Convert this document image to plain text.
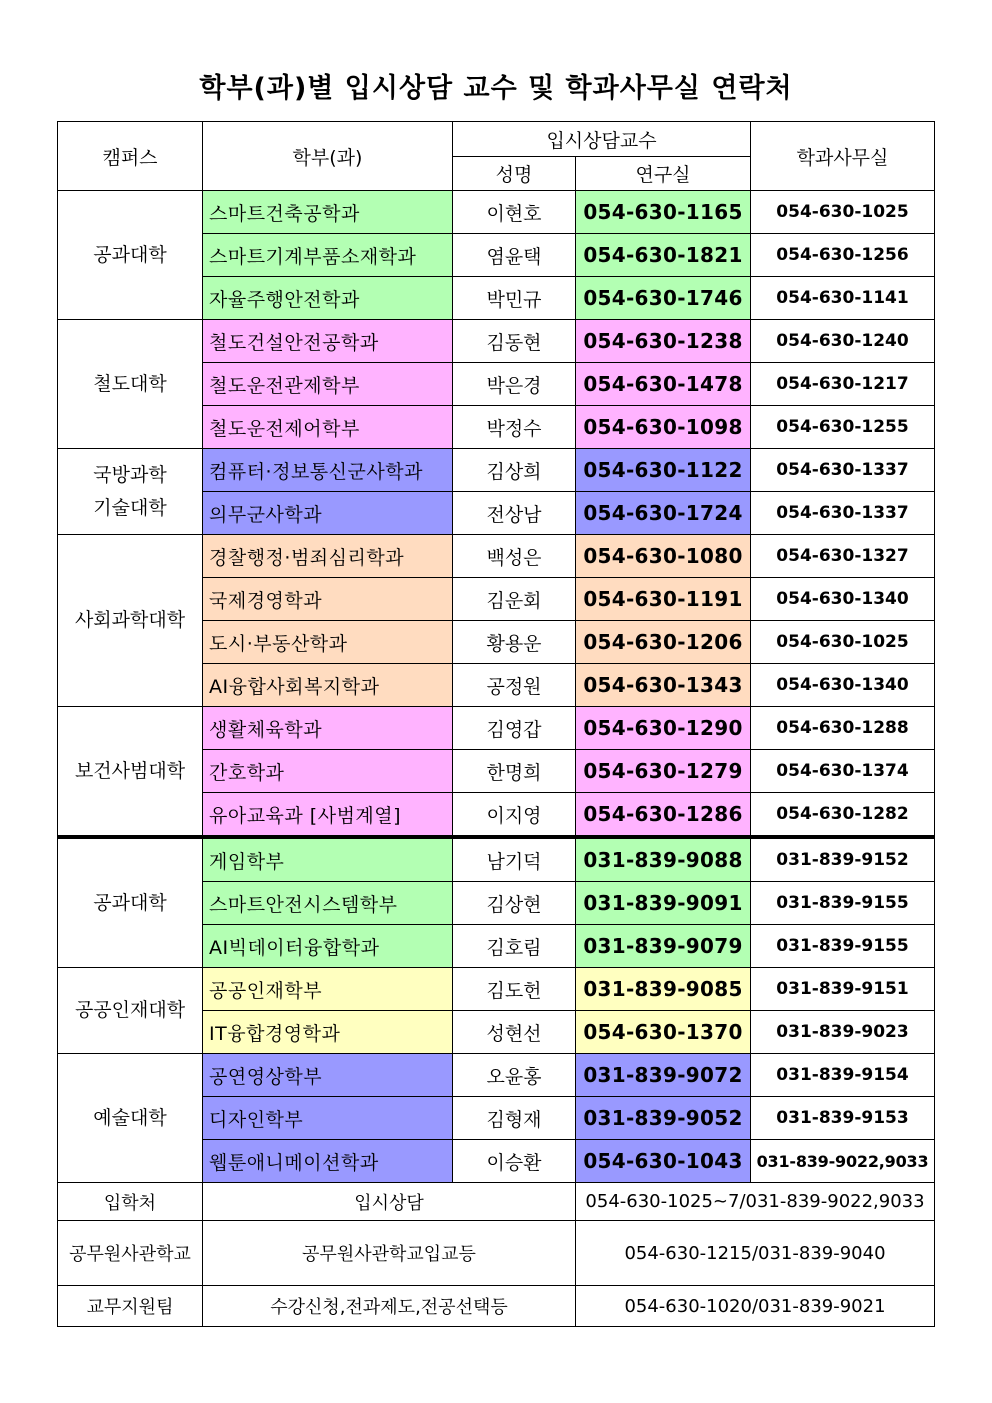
학부(과)별 입시상담 교수 및 학과사무실 연락처
캠퍼스	학부(과)	입시상담교수		학과사무실
		성명	연구실	
공과대학	스마트건축공학과	이현호	054-630-1165	054-630-1025
	스마트기계부품소재학과	염윤택	054-630-1821	054-630-1256
	자율주행안전학과	박민규	054-630-1746	054-630-1141
철도대학	철도건설안전공학과	김동현	054-630-1238	054-630-1240
	철도운전관제학부	박은경	054-630-1478	054-630-1217
	철도운전제어학부	박정수	054-630-1098	054-630-1255
국방과학
기술대학	컴퓨터·정보통신군사학과	김상희	054-630-1122	054-630-1337
	의무군사학과	전상남	054-630-1724	054-630-1337
사회과학대학	경찰행정·범죄심리학과	백성은	054-630-1080	054-630-1327
	국제경영학과	김운회	054-630-1191	054-630-1340
	도시·부동산학과	황용운	054-630-1206	054-630-1025
	AI융합사회복지학과	공정원	054-630-1343	054-630-1340
보건사범대학	생활체육학과	김영갑	054-630-1290	054-630-1288
	간호학과	한명희	054-630-1279	054-630-1374
	유아교육과 [사범계열]	이지영	054-630-1286	054-630-1282
공과대학	게임학부	남기덕	031-839-9088	031-839-9152
	스마트안전시스템학부	김상현	031-839-9091	031-839-9155
	AI빅데이터융합학과	김호림	031-839-9079	031-839-9155
공공인재대학	공공인재학부	김도헌	031-839-9085	031-839-9151
	IT융합경영학과	성현선	054-630-1370	031-839-9023
예술대학	공연영상학부	오윤홍	031-839-9072	031-839-9154
	디자인학부	김형재	031-839-9052	031-839-9153
	웹툰애니메이션학과	이승환	054-630-1043	031-839-9022,9033
입학처	입시상담		054-630-1025~7/031-839-9022,9033	
공무원사관학교	공무원사관학교입교등		054-630-1215/031-839-9040	
교무지원팀	수강신청,전과제도,전공선택등		054-630-1020/031-839-9021	
